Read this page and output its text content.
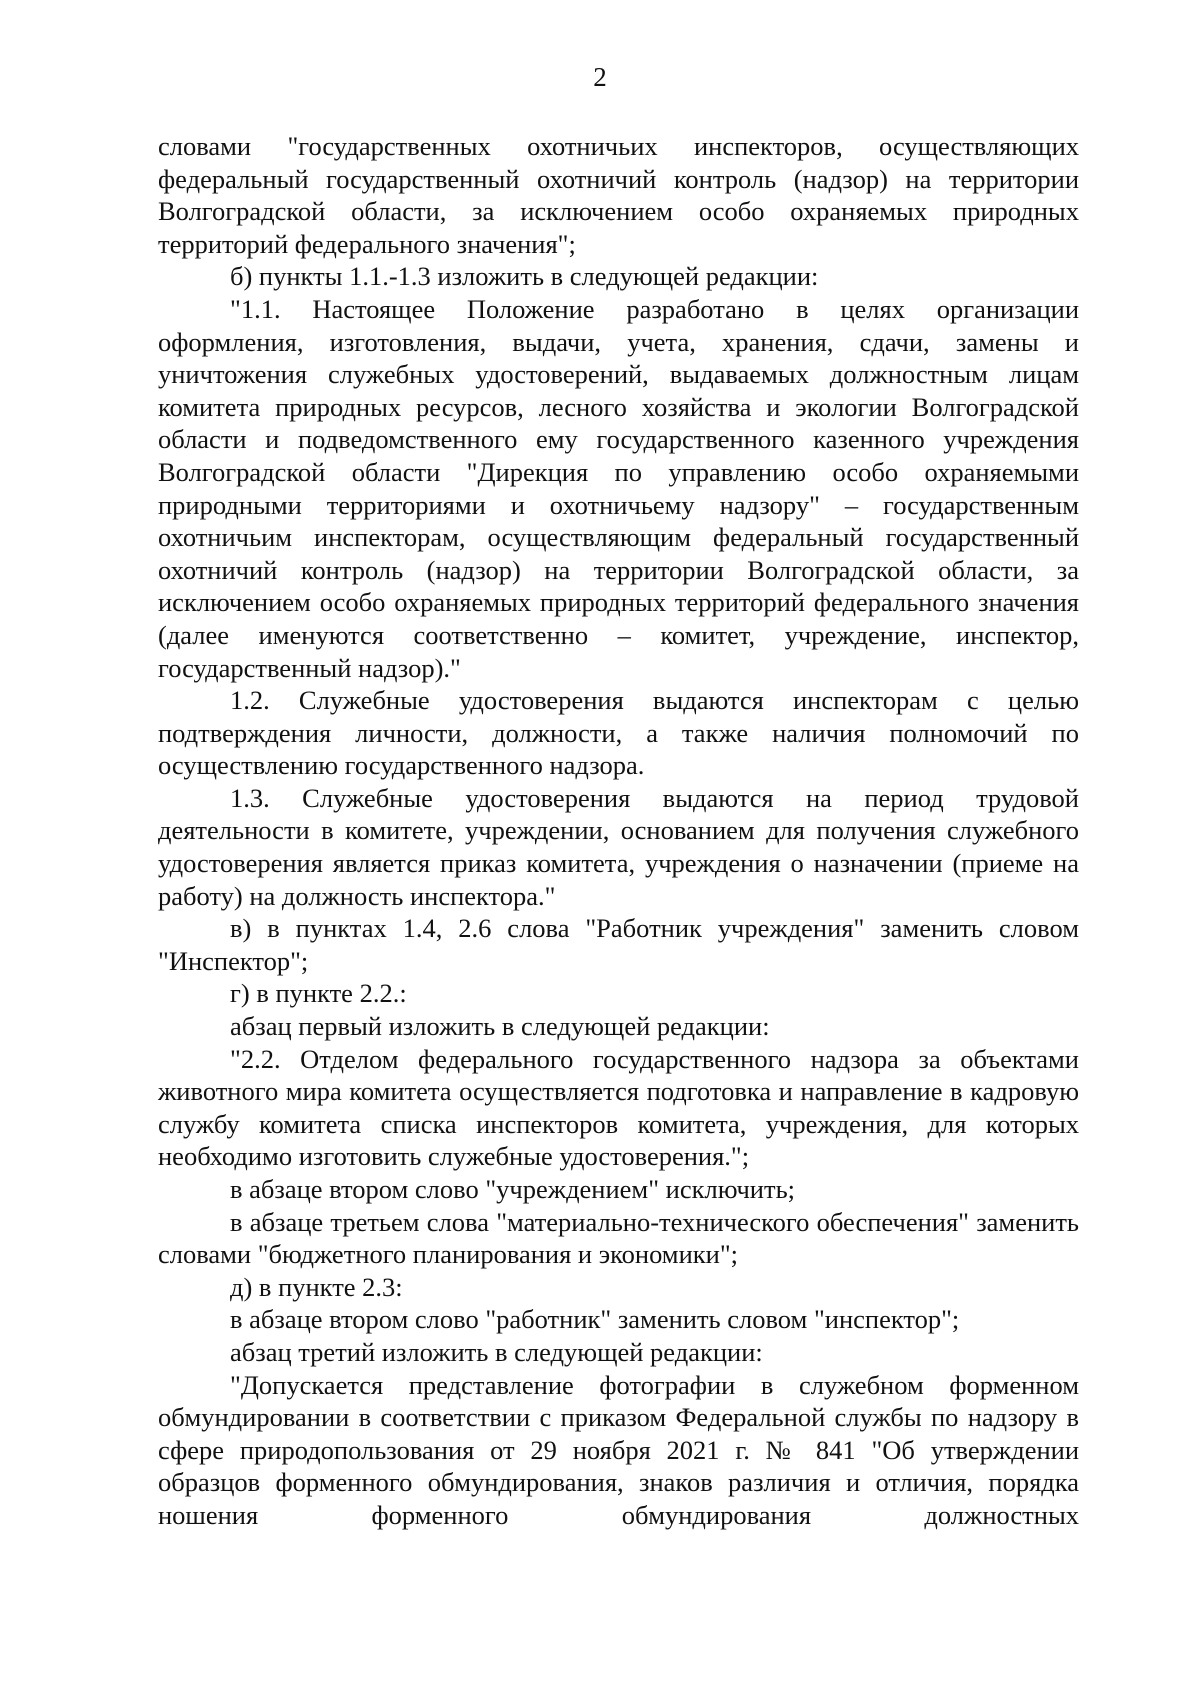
2

словами "государственных охотничьих инспекторов, осуществляющих федеральный государственный охотничий контроль (надзор) на территории Волгоградской области, за исключением особо охраняемых природных территорий федерального значения";

б) пункты 1.1.-1.3 изложить в следующей редакции:

"1.1. Настоящее Положение разработано в целях организации оформления, изготовления, выдачи, учета, хранения, сдачи, замены и уничтожения служебных удостоверений, выдаваемых должностным лицам комитета природных ресурсов, лесного хозяйства и экологии Волгоградской области и подведомственного ему государственного казенного учреждения Волгоградской области "Дирекция по управлению особо охраняемыми природными территориями и охотничьему надзору" – государственным охотничьим инспекторам, осуществляющим федеральный государственный охотничий контроль (надзор) на территории Волгоградской области, за исключением особо охраняемых природных территорий федерального значения (далее именуются соответственно – комитет, учреждение, инспектор, государственный надзор)."

1.2. Служебные удостоверения выдаются инспекторам с целью подтверждения личности, должности, а также наличия полномочий по осуществлению государственного надзора.

1.3. Служебные удостоверения выдаются на период трудовой деятельности в комитете, учреждении, основанием для получения служебного удостоверения является приказ комитета, учреждения о назначении (приеме на работу) на должность инспектора."

в) в пунктах 1.4, 2.6 слова "Работник учреждения" заменить словом "Инспектор";

г) в пункте 2.2.:

абзац первый изложить в следующей редакции:

"2.2. Отделом федерального государственного надзора за объектами животного мира комитета осуществляется подготовка и направление в кадровую службу комитета списка инспекторов комитета, учреждения, для которых необходимо изготовить служебные удостоверения.";

в абзаце втором слово "учреждением" исключить;

в абзаце третьем слова "материально-технического обеспечения" заменить словами "бюджетного планирования и экономики";

д) в пункте 2.3:

в абзаце втором слово "работник" заменить словом "инспектор";

абзац третий изложить в следующей редакции:

"Допускается представление фотографии в служебном форменном обмундировании в соответствии с приказом Федеральной службы по надзору в сфере природопользования от 29 ноября 2021 г. № 841 "Об утверждении образцов форменного обмундирования, знаков различия и отличия, порядка ношения форменного обмундирования должностных
